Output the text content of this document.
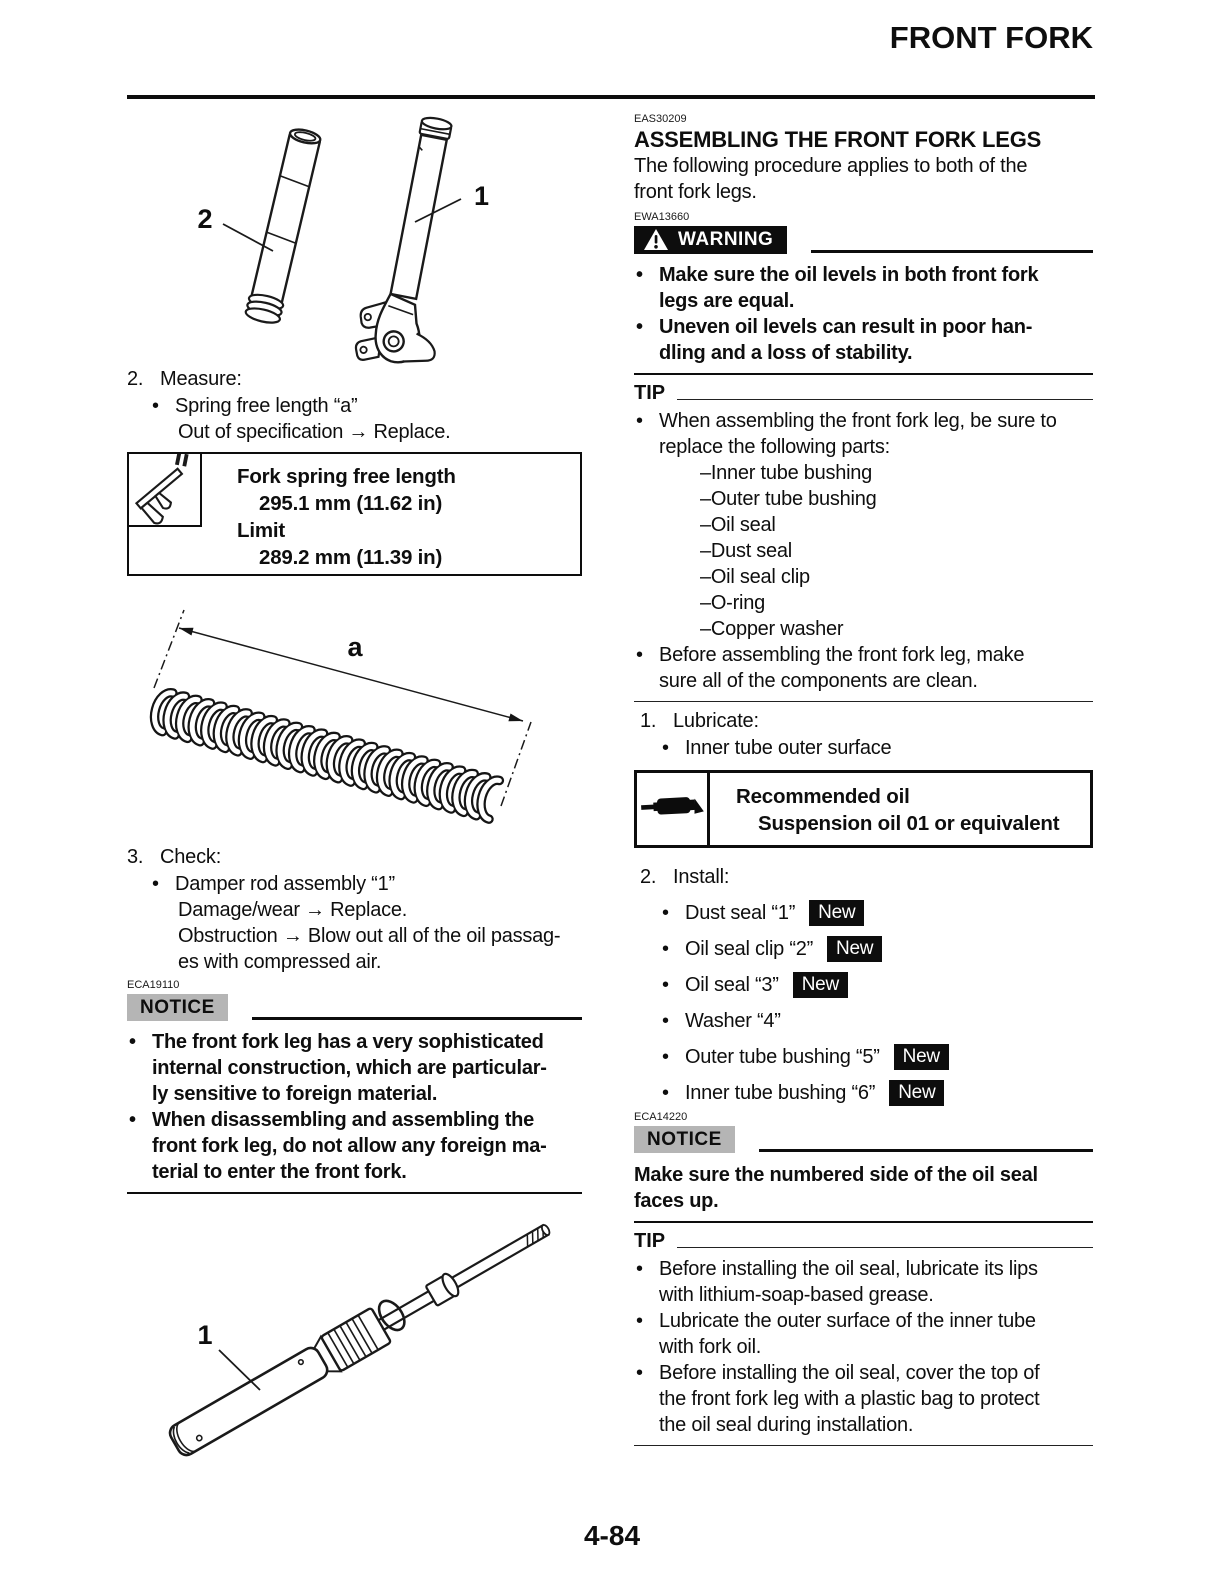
FRONT FORK
2
1
2. Measure:
• Spring free length “a”
Out of specification → Replace.
Fork spring free length
295.1 mm (11.62 in)
Limit
289.2 mm (11.39 in)
a
3. Check:
• Damper rod assembly “1”
Damage/wear → Replace.
Obstruction → Blow out all of the oil passag-
es with compressed air.
ECA19110
NOTICE
• The front fork leg has a very sophisticated
internal construction, which are particular-
ly sensitive to foreign material.
• When disassembling and assembling the
front fork leg, do not allow any foreign ma-
terial to enter the front fork.
1
EAS30209
ASSEMBLING THE FRONT FORK LEGS
The following procedure applies to both of the
front fork legs.
EWA13660
WARNING
• Make sure the oil levels in both front fork
legs are equal.
• Uneven oil levels can result in poor han-
dling and a loss of stability.
TIP
• When assembling the front fork leg, be sure to
replace the following parts:
–Inner tube bushing
–Outer tube bushing
–Oil seal
–Dust seal
–Oil seal clip
–O-ring
–Copper washer
• Before assembling the front fork leg, make
sure all of the components are clean.
1. Lubricate:
• Inner tube outer surface
Recommended oil
Suspension oil 01 or equivalent
2. Install:
• Dust seal “1”	New
• Oil seal clip “2”	New
• Oil seal “3”	New
• Washer “4”
• Outer tube bushing “5”	New
• Inner tube bushing “6”	New
ECA14220
NOTICE
Make sure the numbered side of the oil seal
faces up.
TIP
• Before installing the oil seal, lubricate its lips
with lithium-soap-based grease.
• Lubricate the outer surface of the inner tube
with fork oil.
• Before installing the oil seal, cover the top of
the front fork leg with a plastic bag to protect
the oil seal during installation.
4-84
